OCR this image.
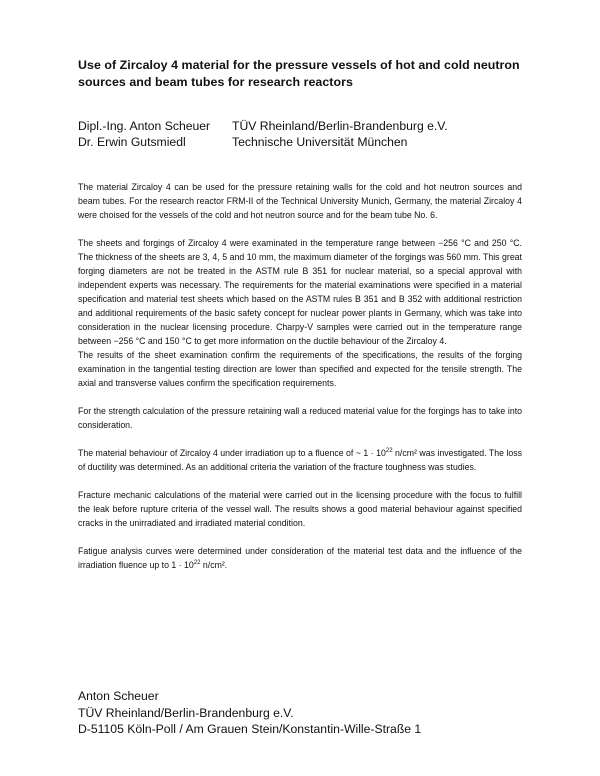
Use of Zircaloy 4 material for the pressure vessels of hot and cold neutron sources and beam tubes for research reactors
Dipl.-Ing. Anton Scheuer	TÜV Rheinland/Berlin-Brandenburg e.V.
Dr. Erwin Gutsmiedl	Technische Universität München

The material Zircaloy 4 can be used for the pressure retaining walls for the cold and hot neutron sources and beam tubes. For the research reactor FRM-II of the Technical University Munich, Germany, the material Zircaloy 4 were choised for the vessels of the cold and hot neutron source and for the beam tube No. 6.

The sheets and forgings of Zircaloy 4 were examinated in the temperature range between −256 °C and 250 °C. The thickness of the sheets are 3, 4, 5 and 10 mm, the maximum diameter of the forgings was 560 mm. This great forging diameters are not be treated in the ASTM rule B 351 for nuclear material, so a special approval with independent experts was necessary. The requirements for the material examinations were specified in a material specification and material test sheets which based on the ASTM rules B 351 and B 352 with additional restriction and additional requirements of the basic safety concept for nuclear power plants in Germany, which was take into consideration in the nuclear licensing procedure. Charpy-V samples were carried out in the temperature range between −256 °C and 150 °C to get more information on the ductile behaviour of the Zircaloy 4.

The results of the sheet examination confirm the requirements of the specifications, the results of the forging examination in the tangential testing direction are lower than specified and expected for the tensile strength. The axial and transverse values confirm the specification requirements.

For the strength calculation of the pressure retaining wall a reduced material value for the forgings has to take into consideration.

The material behaviour of Zircaloy 4 under irradiation up to a fluence of ~ $1 \cdot 10^{22}$ n/cm² was investigated. The loss of ductility was determined. As an additional criteria the variation of the fracture toughness was studies.

Fracture mechanic calculations of the material were carried out in the licensing procedure with the focus to fulfill the leak before rupture criteria of the vessel wall. The results shows a good material behaviour against specified cracks in the unirradiated and irradiated material condition.

Fatigue analysis curves were determined under consideration of the material test data and the influence of the irradiation fluence up to $1 \cdot 10^{22}$ n/cm².

Anton Scheuer
TÜV Rheinland/Berlin-Brandenburg e.V.
D-51105 Köln-Poll / Am Grauen Stein/Konstantin-Wille-Straße 1
